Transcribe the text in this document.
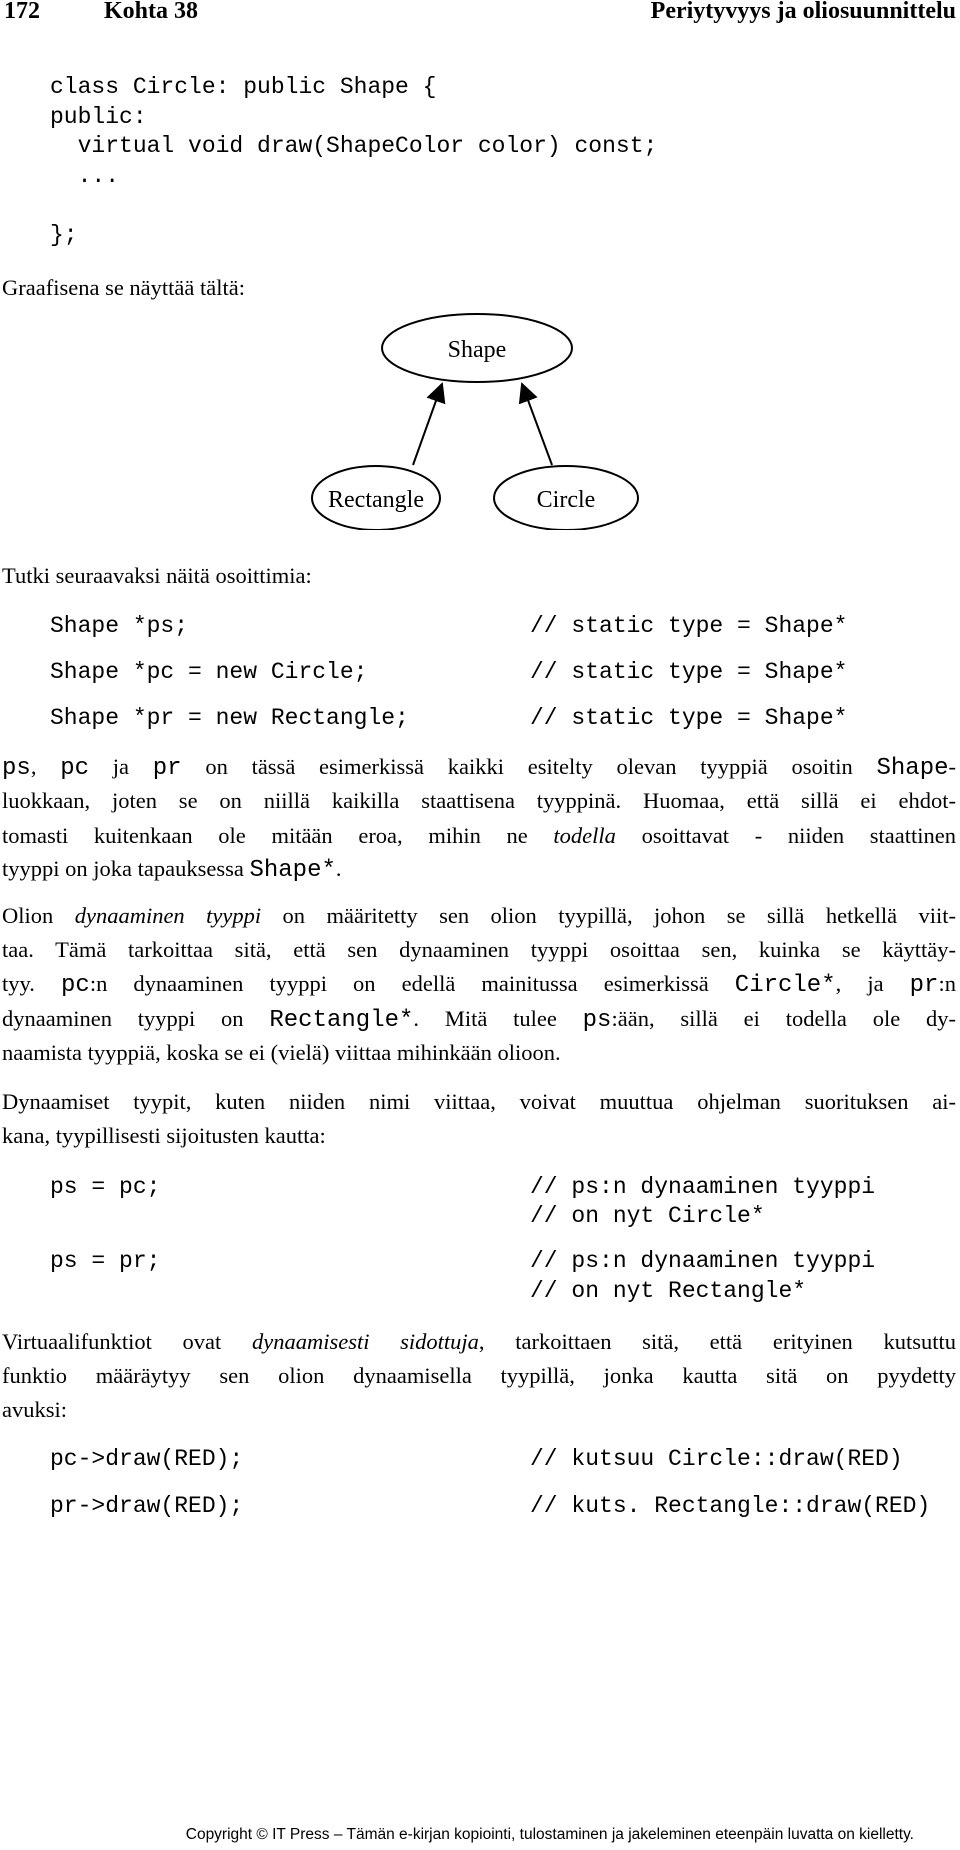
172	Kohta 38	Periytyvyys ja oliosuunnittelu
class Circle: public Shape {
public:
virtual void draw(ShapeColor color) const;
...
};
Graafisena se näyttää tältä:
Shape
Rectangle	Circle
Tutki seuraavaksi näitä osoittimia:
Shape *ps;	// static type = Shape*
Shape *pc = new Circle;	// static type = Shape*
Shape *pr = new Rectangle;	// static type = Shape*
ps, pc ja pr on tässä esimerkissä kaikki esitelty olevan tyyppiä osoitin Shape-
luokkaan, joten se on niillä kaikilla staattisena tyyppinä. Huomaa, että sillä ei ehdot-
tomasti kuitenkaan ole mitään eroa, mihin ne todella osoittavat - niiden staattinen
tyyppi on joka tapauksessa Shape*.
Olion dynaaminen tyyppi on määritetty sen olion tyypillä, johon se sillä hetkellä viit-
taa. Tämä tarkoittaa sitä, että sen dynaaminen tyyppi osoittaa sen, kuinka se käyttäy-
tyy. pc:n dynaaminen tyyppi on edellä mainitussa esimerkissä Circle*, ja pr:n
dynaaminen tyyppi on Rectangle*. Mitä tulee ps:ään, sillä ei todella ole dy-
naamista tyyppiä, koska se ei (vielä) viittaa mihinkään olioon.
Dynaamiset tyypit, kuten niiden nimi viittaa, voivat muuttua ohjelman suorituksen ai-
kana, tyypillisesti sijoitusten kautta:
ps = pc;	// ps:n dynaaminen tyyppi
// on nyt Circle*
ps = pr;	// ps:n dynaaminen tyyppi
// on nyt Rectangle*
Virtuaalifunktiot ovat dynaamisesti sidottuja, tarkoittaen sitä, että erityinen kutsuttu
funktio määräytyy sen olion dynaamisella tyypillä, jonka kautta sitä on pyydetty
avuksi:
pc->draw(RED);	// kutsuu Circle::draw(RED)
pr->draw(RED);	// kuts. Rectangle::draw(RED)
Copyright © IT Press – Tämän e-kirjan kopiointi, tulostaminen ja jakeleminen eteenpäin luvatta on kielletty.
